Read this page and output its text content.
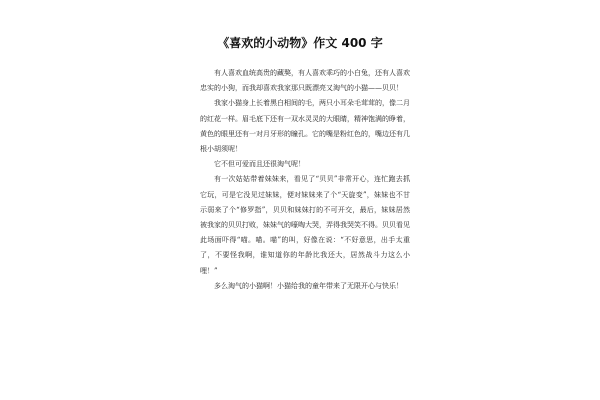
《喜欢的小动物》作文 400 字

有人喜欢血统高贵的藏獒，有人喜欢乖巧的小白兔，还有人喜欢忠实的小狗，而我却喜欢我家那只既漂亮又淘气的小猫——贝贝！

我家小猫身上长着黑白相间的毛，两只小耳朵毛茸茸的，像二月的红花一样。眉毛底下还有一双水灵灵的大眼睛，精神饱满的睁着，黄色的眼里还有一对月牙形的瞳孔。它的嘴是粉红色的，嘴边还有几根小胡须呢！

它不但可爱而且还很淘气呢！

有一次姑姑带着妹妹来，看见了“贝贝”非常开心，连忙跑去抓它玩，可是它没见过妹妹，便对妹妹来了个“天旋变”，妹妹也不甘示弱来了个“修罗指”，贝贝和妹妹打的不可开交，最后，妹妹居然被我家的贝贝打败，妹妹气的嚎啕大哭，弄得我哭笑不得。贝贝看见此场面吓得“喵。喵。喵”的叫，好像在说：“不好意思，出手太重了，不要怪我啊，谁知道你的年龄比我还大，居然战斗力这么小哩！”

多么淘气的小猫啊！小猫给我的童年带来了无限开心与快乐！
